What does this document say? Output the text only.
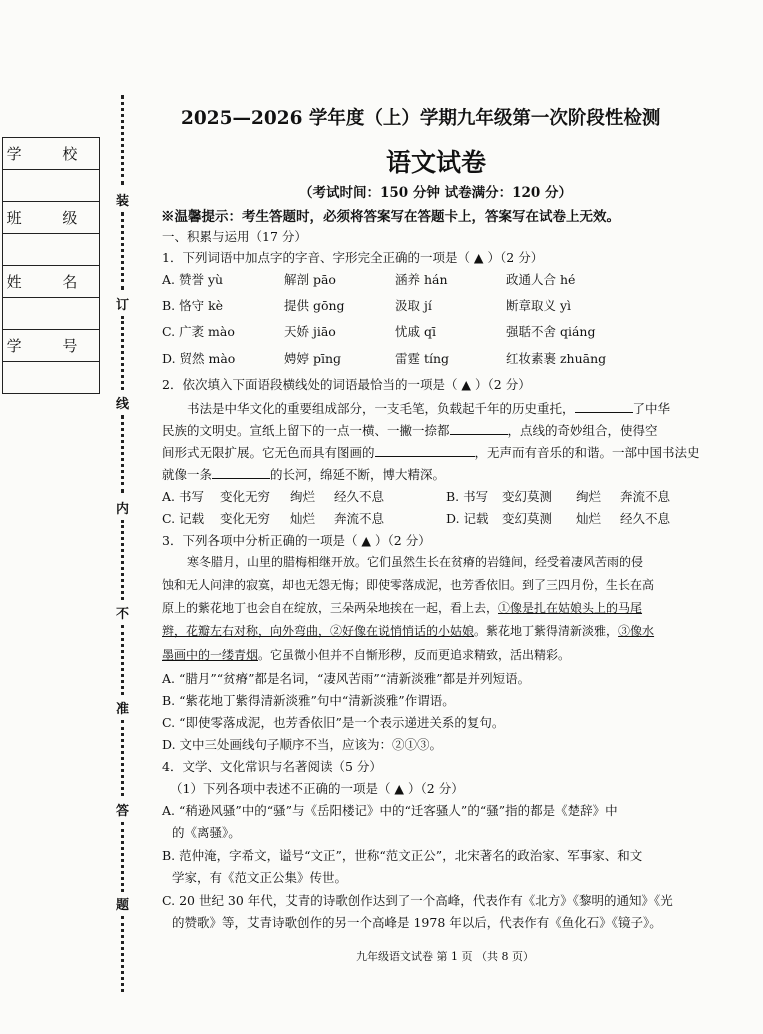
学 校

班 级

姓 名

学 号

装
订
线
内
不
准
答
题
2025—2026 学年度（上）学期九年级第一次阶段性检测
语文试卷
（考试时间：150 分钟 试卷满分：120 分）
※温馨提示：考生答题时，必须将答案写在答题卡上，答案写在试卷上无效。
一、积累与运用（17 分）
1．下列词语中加点字的字音、字形完全正确的一项是（ ▲ ）（2 分）
A. 赞誉 yù	解剖 pāo	涵养 hán	政通人合 hé
B. 恪守 kè	提供 gōng	汲取 jí	断章取义 yì
C. 广袤 mào	天娇 jiāo	忧戚 qī	强聒不舍 qiáng
D. 贸然 mào	娉婷 pīnɡ	雷霆 tíng	红妆素裹 zhuāng
2．依次填入下面语段横线处的词语最恰当的一项是（ ▲ ）（2 分）
书法是中华文化的重要组成部分，一支毛笔，负载起千年的历史重托，	了中华
民族的文明史。宣纸上留下的一点一横、一撇一捺都	，点线的奇妙组合，使得空
间形式无限扩展。它无色而具有图画的	，无声而有音乐的和谐。一部中国书法史
就像一条	的长河，绵延不断，博大精深。
A. 书写 变化无穷 绚烂 经久不息	B. 书写 变幻莫测 绚烂 奔流不息
C. 记载 变化无穷 灿烂 奔流不息	D. 记载 变幻莫测 灿烂 经久不息
3．下列各项中分析正确的一项是（ ▲ ）（2 分）
寒冬腊月，山里的腊梅相继开放。它们虽然生长在贫瘠的岩缝间，经受着凄风苦雨的侵
蚀和无人问津的寂寞，却也无怨无悔；即使零落成泥，也芳香依旧。到了三四月份，生长在高
原上的紫花地丁也会自在绽放，三朵两朵地挨在一起，看上去，①像是扎在姑娘头上的马尾
辫，花瓣左右对称，向外弯曲，②好像在说悄悄话的小姑娘。紫花地丁紫得清新淡雅，③像水
墨画中的一缕青烟。它虽微小但并不自惭形秽，反而更追求精致，活出精彩。
A. “腊月”“贫瘠”都是名词，“凄风苦雨”“清新淡雅”都是并列短语。
B. “紫花地丁紫得清新淡雅”句中“清新淡雅”作谓语。
C. “即使零落成泥，也芳香依旧”是一个表示递进关系的复句。
D. 文中三处画线句子顺序不当，应该为：②①③。
4．文学、文化常识与名著阅读（5 分）
（1）下列各项中表述不正确的一项是（ ▲ ）（2 分）
A. “稍逊风骚”中的“骚”与《岳阳楼记》中的“迁客骚人”的“骚”指的都是《楚辞》中
的《离骚》。
B. 范仲淹，字希文，谥号“文正”，世称“范文正公”，北宋著名的政治家、军事家、和文
学家，有《范文正公集》传世。
C. 20 世纪 30 年代，艾青的诗歌创作达到了一个高峰，代表作有《北方》《黎明的通知》《光
的赞歌》等，艾青诗歌创作的另一个高峰是 1978 年以后，代表作有《鱼化石》《镜子》。
九年级语文试卷 第 1 页 （共 8 页）
